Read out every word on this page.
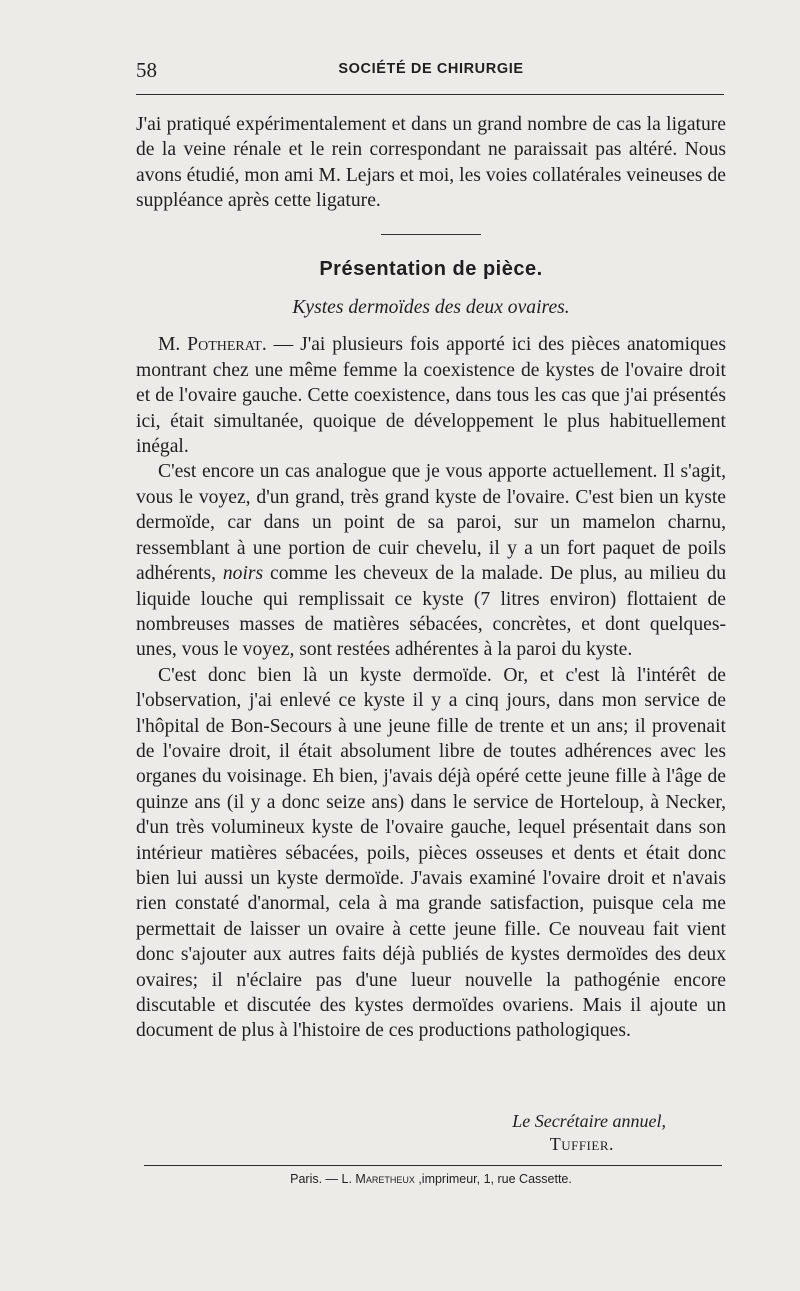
58	SOCIÉTÉ DE CHIRURGIE

J'ai pratiqué expérimentalement et dans un grand nombre de cas la ligature de la veine rénale et le rein correspondant ne paraissait pas altéré. Nous avons étudié, mon ami M. Lejars et moi, les voies collatérales veineuses de suppléance après cette ligature.

Présentation de pièce.
Kystes dermoïdes des deux ovaires.

M. Potherat. — J'ai plusieurs fois apporté ici des pièces anatomiques montrant chez une même femme la coexistence de kystes de l'ovaire droit et de l'ovaire gauche. Cette coexistence, dans tous les cas que j'ai présentés ici, était simultanée, quoique de développement le plus habituellement inégal.

C'est encore un cas analogue que je vous apporte actuellement. Il s'agit, vous le voyez, d'un grand, très grand kyste de l'ovaire. C'est bien un kyste dermoïde, car dans un point de sa paroi, sur un mamelon charnu, ressemblant à une portion de cuir chevelu, il y a un fort paquet de poils adhérents, noirs comme les cheveux de la malade. De plus, au milieu du liquide louche qui remplissait ce kyste (7 litres environ) flottaient de nombreuses masses de matières sébacées, concrètes, et dont quelques-unes, vous le voyez, sont restées adhérentes à la paroi du kyste.

C'est donc bien là un kyste dermoïde. Or, et c'est là l'intérêt de l'observation, j'ai enlevé ce kyste il y a cinq jours, dans mon service de l'hôpital de Bon-Secours à une jeune fille de trente et un ans; il provenait de l'ovaire droit, il était absolument libre de toutes adhérences avec les organes du voisinage. Eh bien, j'avais déjà opéré cette jeune fille à l'âge de quinze ans (il y a donc seize ans) dans le service de Horteloup, à Necker, d'un très volumineux kyste de l'ovaire gauche, lequel présentait dans son intérieur matières sébacées, poils, pièces osseuses et dents et était donc bien lui aussi un kyste dermoïde. J'avais examiné l'ovaire droit et n'avais rien constaté d'anormal, cela à ma grande satisfaction, puisque cela me permettait de laisser un ovaire à cette jeune fille. Ce nouveau fait vient donc s'ajouter aux autres faits déjà publiés de kystes dermoïdes des deux ovaires; il n'éclaire pas d'une lueur nouvelle la pathogénie encore discutable et discutée des kystes dermoïdes ovariens. Mais il ajoute un document de plus à l'histoire de ces productions pathologiques.

Le Secrétaire annuel,
Tuffier.
Paris. — L. Maretheux ,imprimeur, 1, rue Cassette.
